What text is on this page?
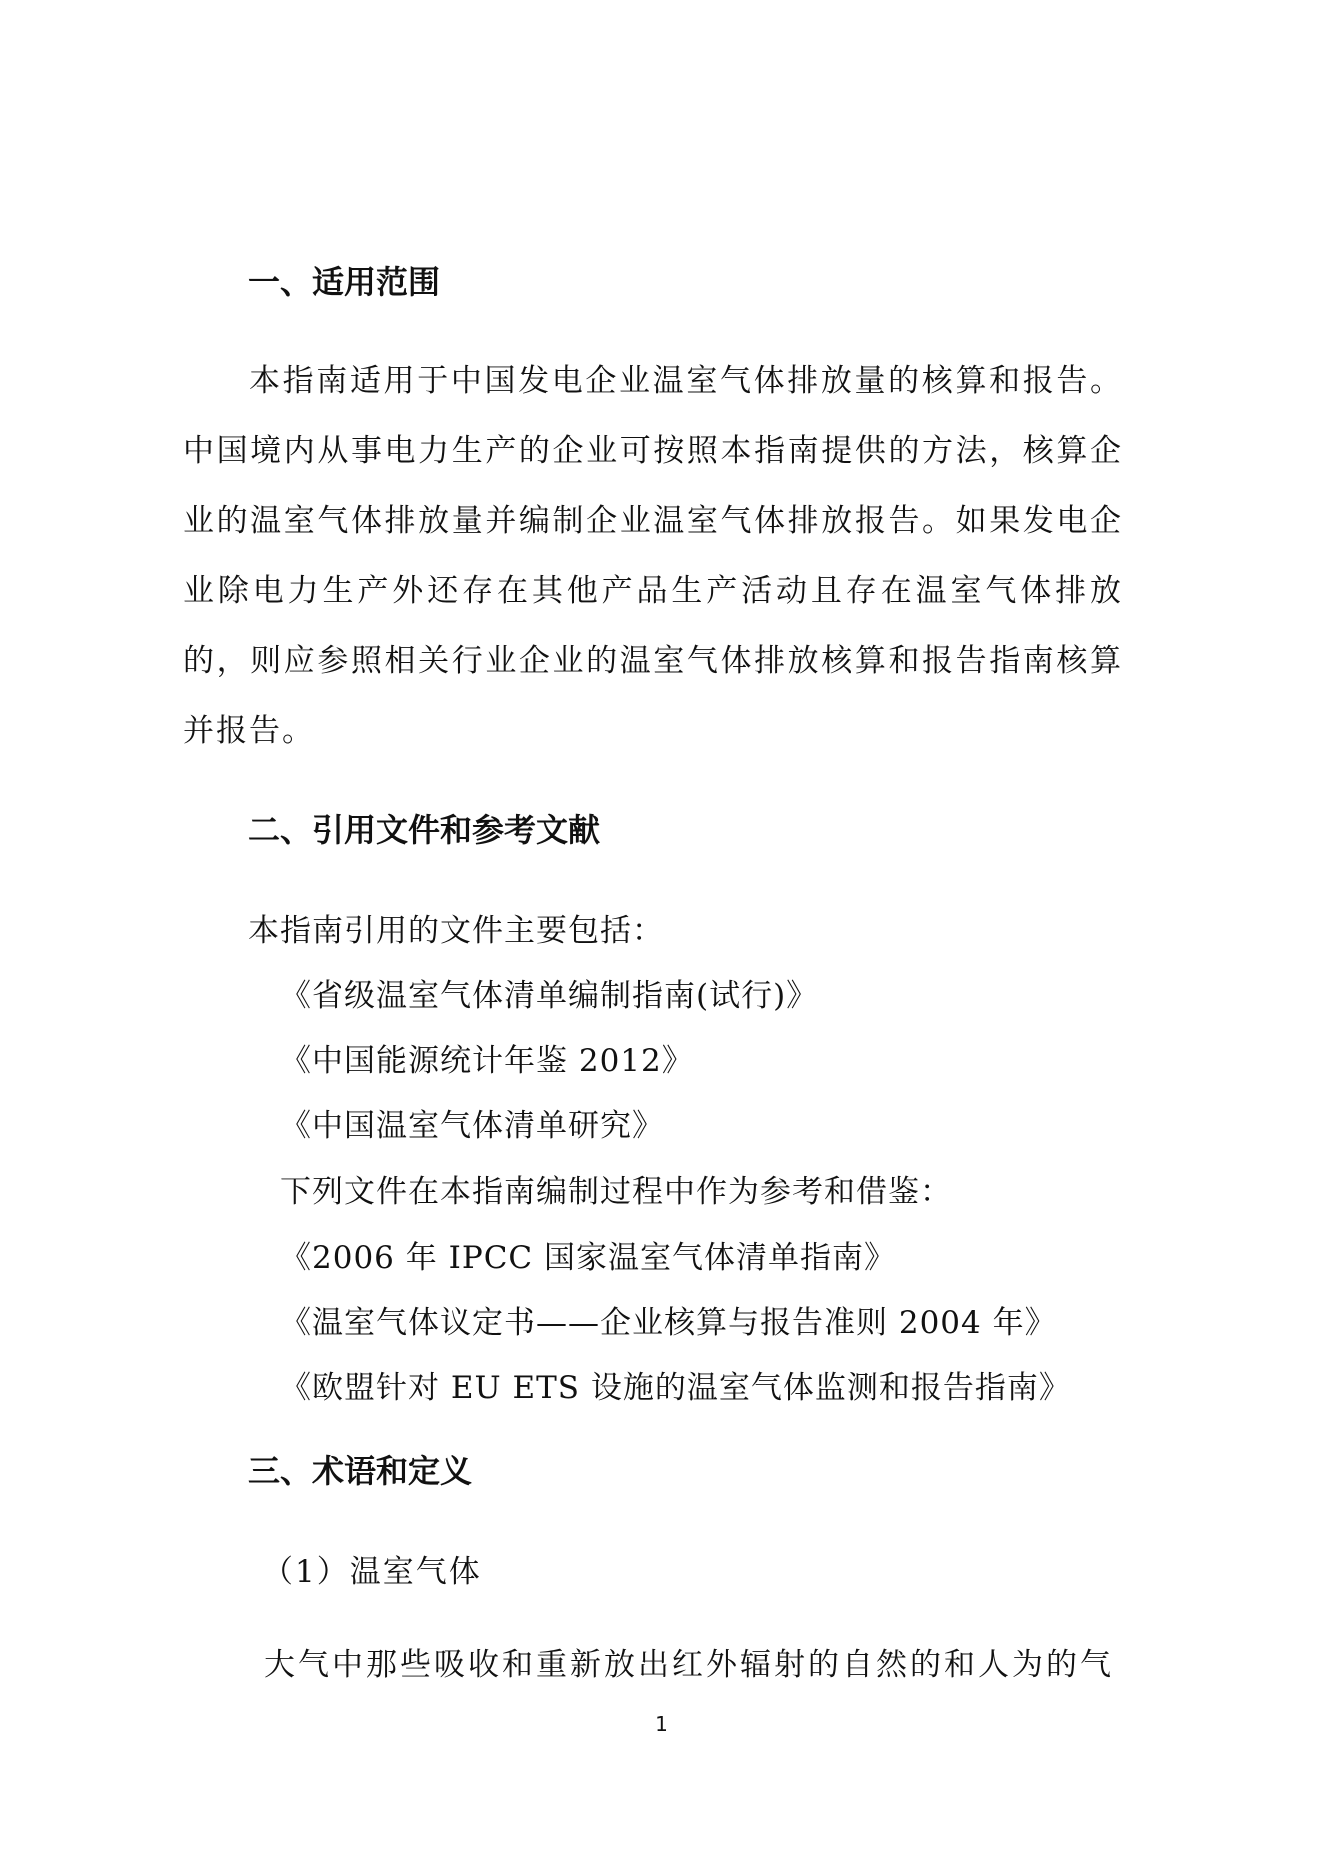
一、适用范围

本指南适用于中国发电企业温室气体排放量的核算和报告。中国境内从事电力生产的企业可按照本指南提供的方法，核算企业的温室气体排放量并编制企业温室气体排放报告。如果发电企业除电力生产外还存在其他产品生产活动且存在温室气体排放的，则应参照相关行业企业的温室气体排放核算和报告指南核算并报告。

二、引用文件和参考文献
本指南引用的文件主要包括：
《省级温室气体清单编制指南(试行)》
《中国能源统计年鉴 2012》
《中国温室气体清单研究》
下列文件在本指南编制过程中作为参考和借鉴：
《2006 年 IPCC 国家温室气体清单指南》
《温室气体议定书——企业核算与报告准则 2004 年》
《欧盟针对 EU ETS 设施的温室气体监测和报告指南》
三、术语和定义
（1）温室气体
大气中那些吸收和重新放出红外辐射的自然的和人为的气
1
